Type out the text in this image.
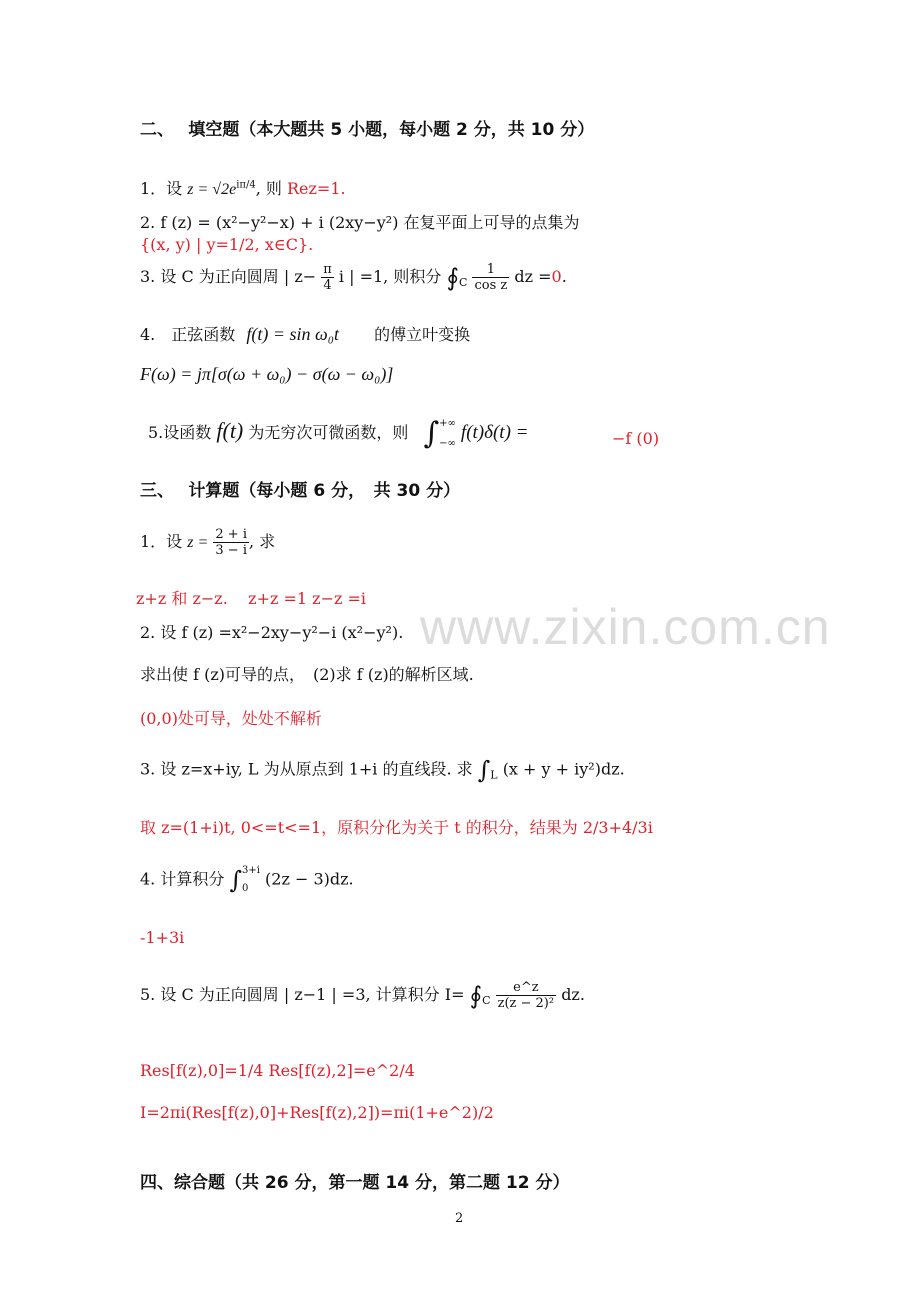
www.zixin.com.cn
二、　 填空题（本大题共 5 小题，每小题 2 分，共 10 分）
1．设 $z = √2e^{i\pi/4}$, 则 Rez=1.
2. f (z) = (x²−y²−x) + i (2xy−y²) 在复平面上可导的点集为
{(x, y) | y=1/2, x∈C}.
3. 设 C 为正向圆周 | $z- \frac{\pi}{4}$ i | =1, 则积分 $∮_C \frac{1}{\text{cos z}}$ dz =0.
4.　正弦函数 f(t) = sin ω₀t 的傅立叶变换
F(ω) = jπ[σ(ω + ω₀) − σ(ω − ω₀)]
5.设函数 f(t) 为无穷次可微函数，则 ∫ +∞
−∞ f(t)δ(t) =	−f (0)
三、　 计算题（每小题 6 分，　共 30 分）
1．设 $z = \frac{2 + i}{3 - i}$ , 求
z+z 和 z−z. z+z =1 z−z =i
2. 设 f (z) =x²−2xy−y²−i (x²−y²).
求出使 f (z)可导的点，　(2)求 f (z)的解析区域.
(0,0)处可导，处处不解析
3. 设 z=x+iy, L 为从原点到 1+i 的直线段. 求 $\int_L$ (x + y + iy²)dz.
取 z=(1+i)t, 0<=t<=1，原积分化为关于 t 的积分，结果为 2/3+4/3i
4. 计算积分 ∫ 3+i
0	(2z − 3)dz.
-1+3i
5. 设 C 为正向圆周 | z−1 | =3, 计算积分 $I= ∮_C \frac{e\^{}z}{\text{z(z − 2)²}}$ dz.
Res[f(z),0]=1/4 Res[f(z),2]=e^2/4
I=2πi(Res[f(z),0]+Res[f(z),2])=πi(1+e^2)/2
四、综合题（共 26 分，第一题 14 分，第二题 12 分）
2
